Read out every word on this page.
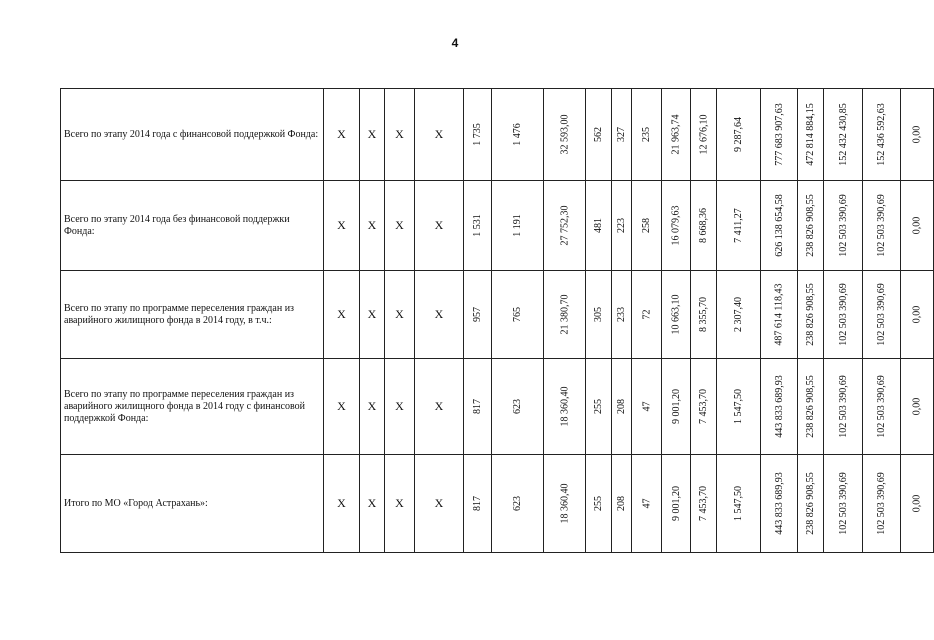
4
Всего по этапу 2014 года с финансовой поддержкой Фонда:	X	X	X	X	1 735	1 476	32 593,00	562	327	235	21 963,74	12 676,10	9 287,64	777 683 907,63	472 814 884,15	152 432 430,85	152 436 592,63	0,00

Всего по этапу 2014 года без финансовой поддержки Фонда:	X	X	X	X	1 531	1 191	27 752,30	481	223	258	16 079,63	8 668,36	7 411,27	626 138 654,58	238 826 908,55	102 503 390,69	102 503 390,69	0,00

Всего по этапу по программе переселения граждан из аварийного жилищного фонда в 2014 году, в т.ч.:	X	X	X	X	957	765	21 380,70	305	233	72	10 663,10	8 355,70	2 307,40	487 614 118,43	238 826 908,55	102 503 390,69	102 503 390,69	0,00

Всего по этапу по программе переселения граждан из аварийного жилищного фонда в 2014 году с финансовой поддержкой Фонда:	X	X	X	X	817	623	18 360,40	255	208	47	9 001,20	7 453,70	1 547,50	443 833 689,93	238 826 908,55	102 503 390,69	102 503 390,69	0,00

Итого по МО «Город Астрахань»:	X	X	X	X	817	623	18 360,40	255	208	47	9 001,20	7 453,70	1 547,50	443 833 689,93	238 826 908,55	102 503 390,69	102 503 390,69	0,00
